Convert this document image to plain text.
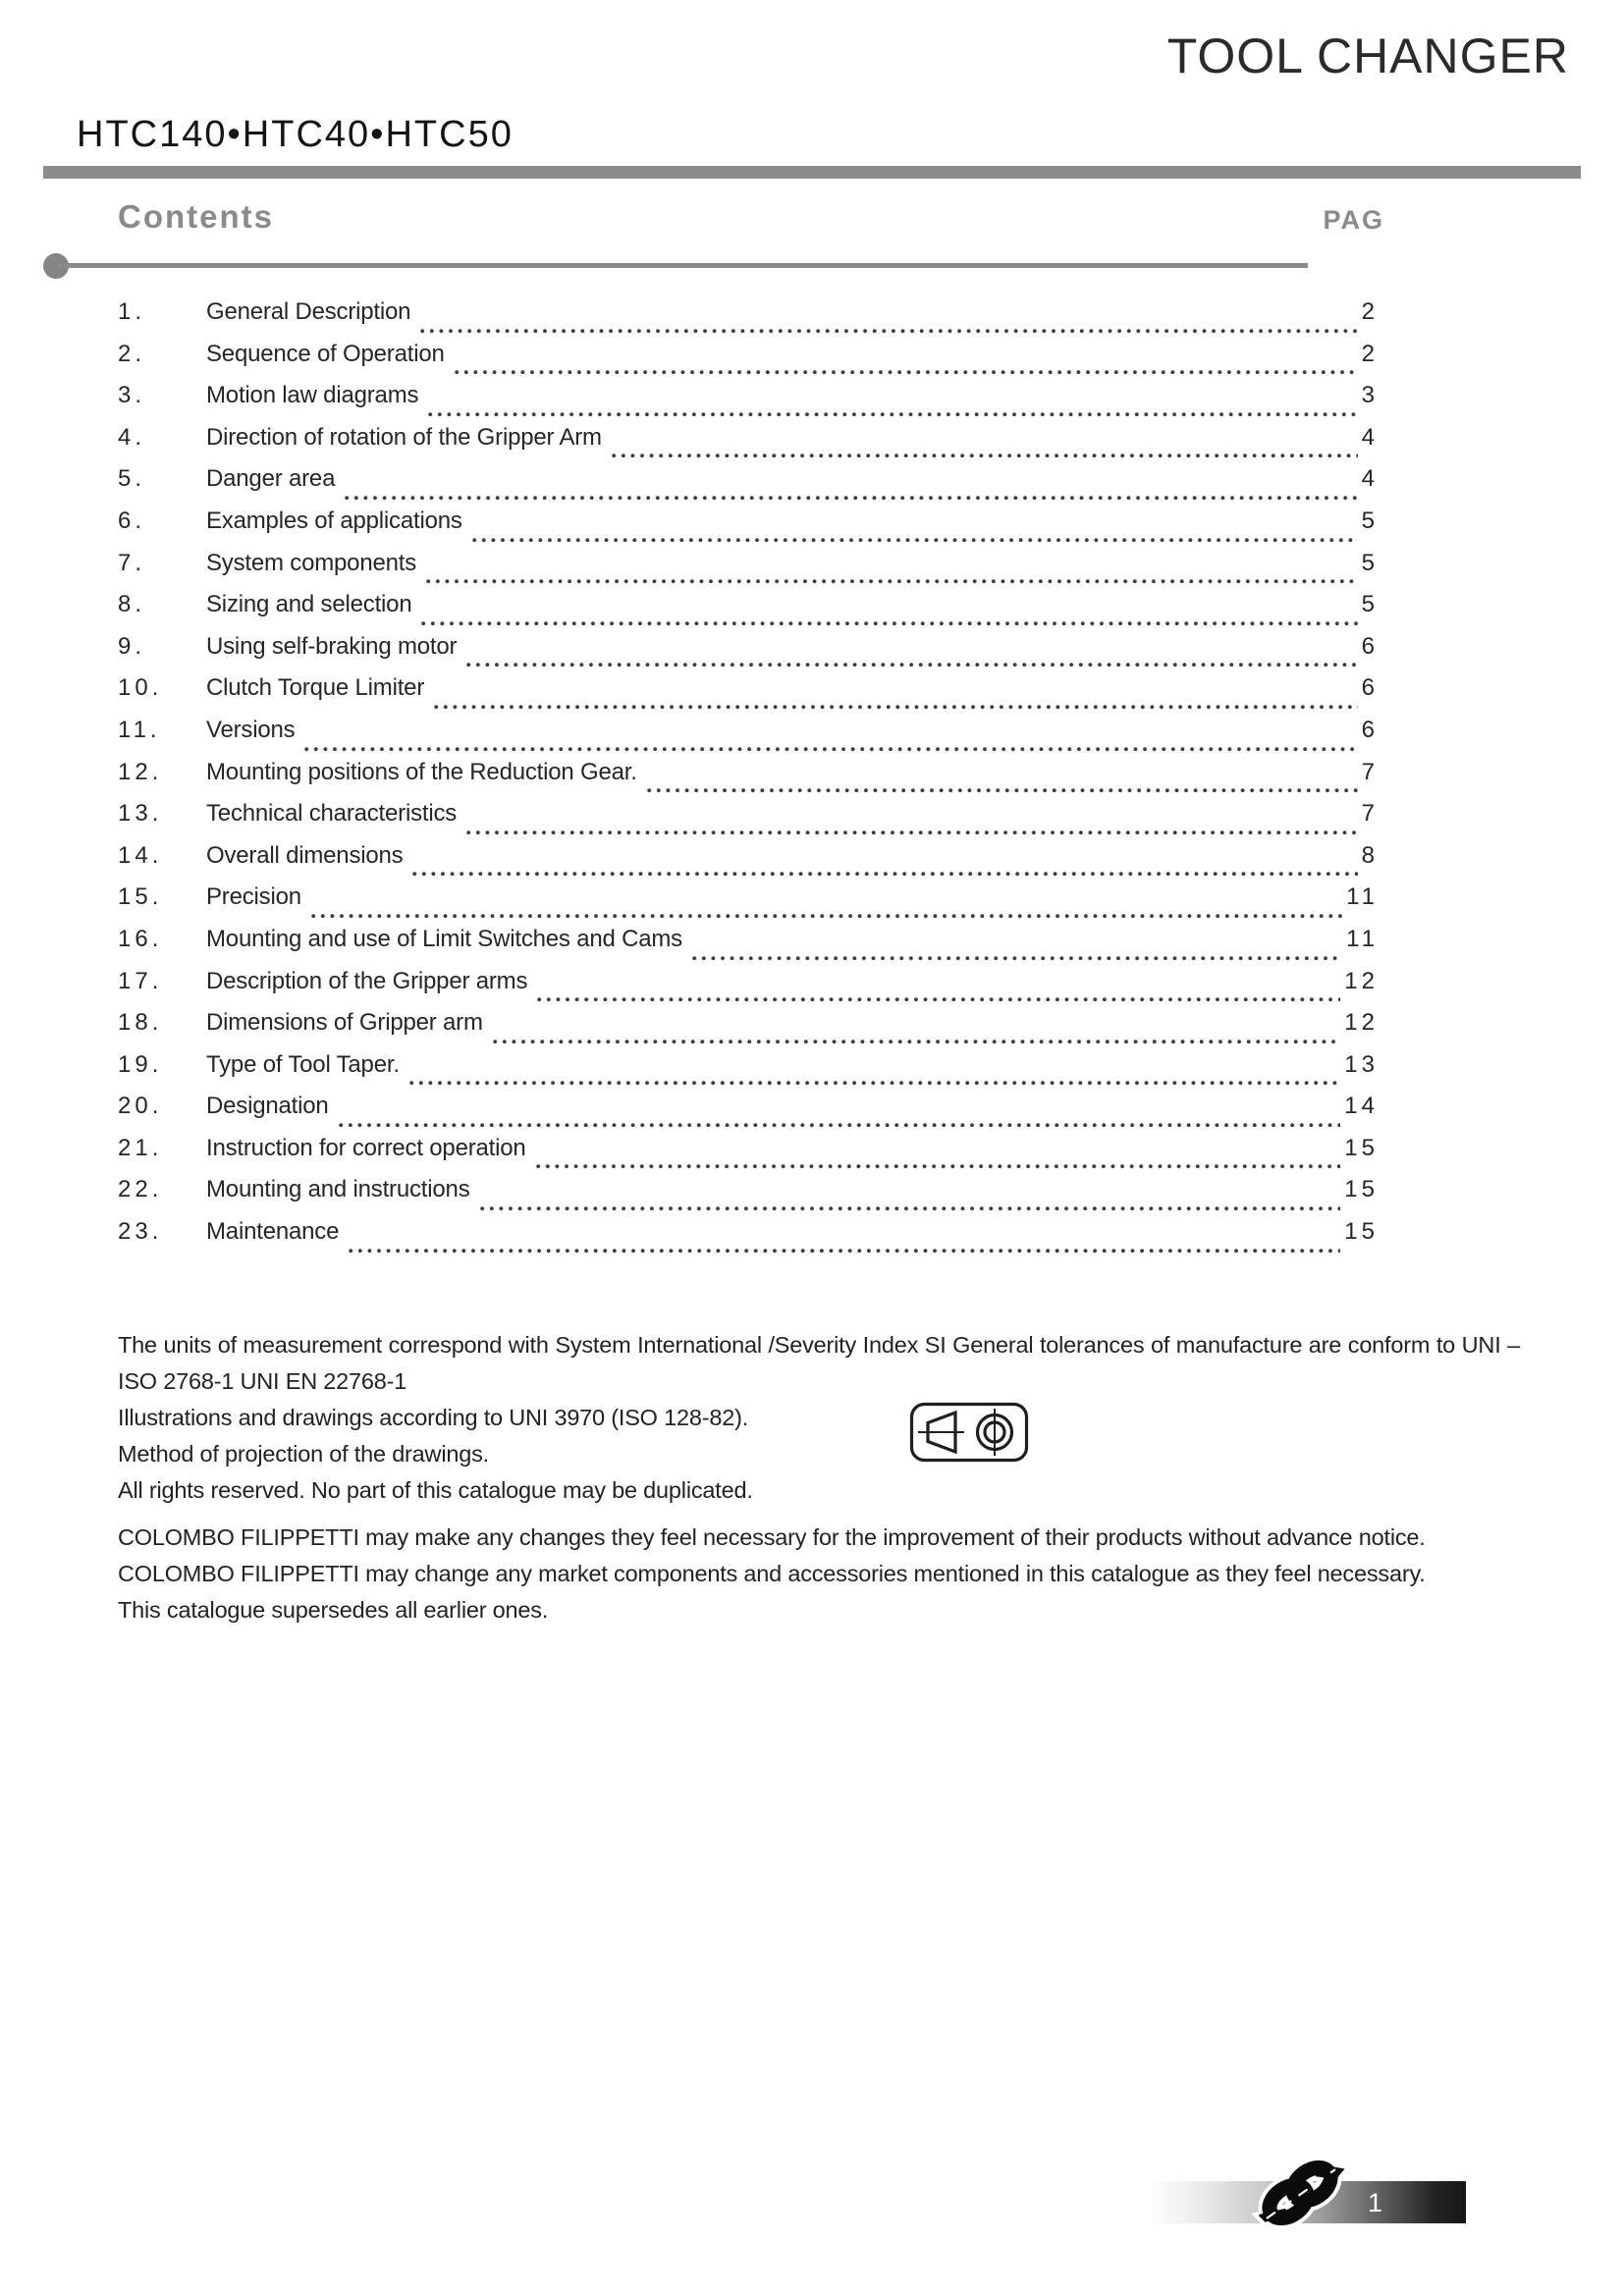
TOOL CHANGER
HTC140•HTC40•HTC50
Contents	PAG
1.	General Description	2
2.	Sequence of Operation	2
3.	Motion law diagrams	3
4.	Direction of rotation of the Gripper Arm	4
5.	Danger area	4
6.	Examples of applications	5
7.	System components	5
8.	Sizing and selection	5
9.	Using self-braking motor	6
10.	Clutch Torque Limiter	6
11.	Versions	6
12.	Mounting positions of the Reduction Gear.	7
13.	Technical characteristics	7
14.	Overall dimensions	8
15.	Precision	11
16.	Mounting and use of Limit Switches and Cams	11
17.	Description of the Gripper arms	12
18.	Dimensions of Gripper arm	12
19.	Type of Tool Taper.	13
20.	Designation	14
21.	Instruction for correct operation	15
22.	Mounting and instructions	15
23.	Maintenance	15

The units of measurement correspond with System International /Severity Index SI General tolerances of manufacture are conform to UNI – ISO 2768-1 UNI EN 22768-1

Illustrations and drawings according to UNI 3970 (ISO 128-82).

Method of projection of the drawings.

All rights reserved. No part of this catalogue may be duplicated.

COLOMBO FILIPPETTI may make any changes they feel necessary for the improvement of their products without advance notice.

COLOMBO FILIPPETTI may change any market components and accessories mentioned in this catalogue as they feel necessary.

This catalogue supersedes all earlier ones.

1
